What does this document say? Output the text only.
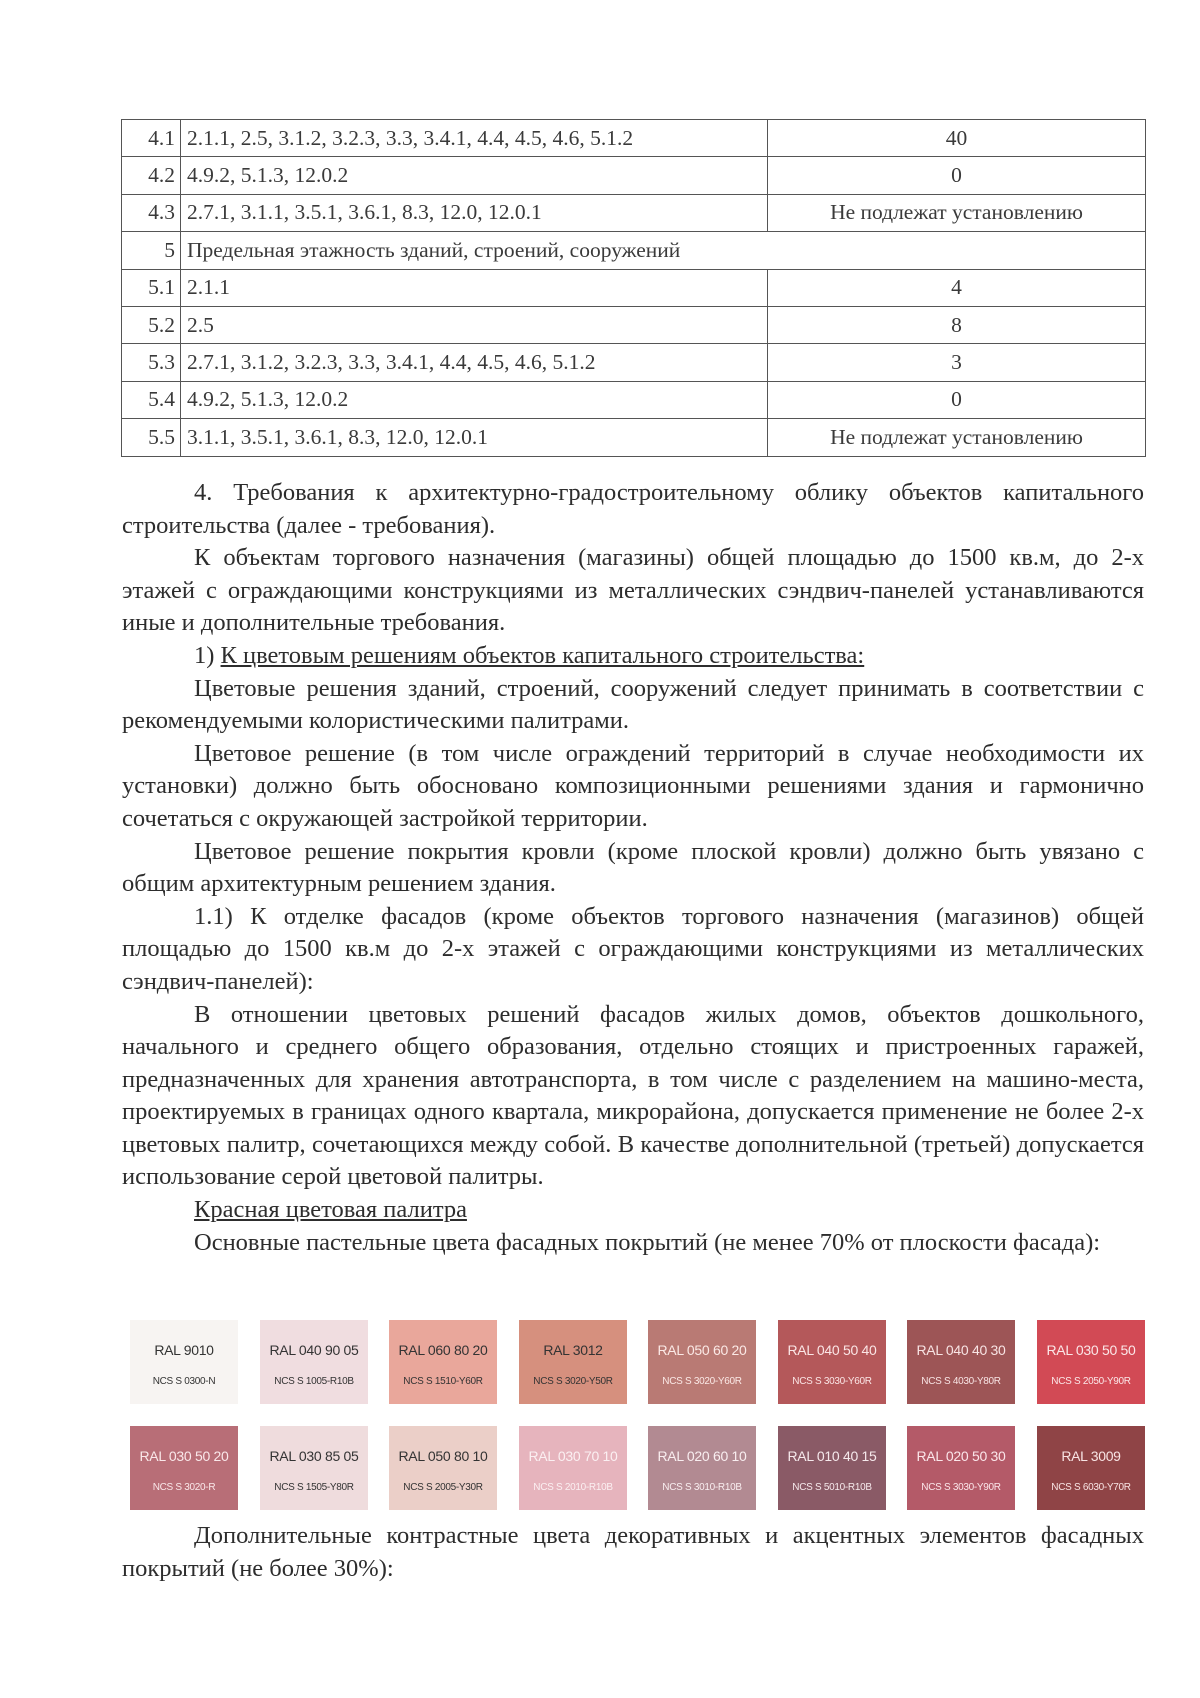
4.1	2.1.1, 2.5, 3.1.2, 3.2.3, 3.3, 3.4.1, 4.4, 4.5, 4.6, 5.1.2	40
4.2	4.9.2, 5.1.3, 12.0.2	0
4.3	2.7.1, 3.1.1, 3.5.1, 3.6.1, 8.3, 12.0, 12.0.1	Не подлежат установлению
5	Предельная этажность зданий, строений, сооружений	
5.1	2.1.1	4
5.2	2.5	8
5.3	2.7.1, 3.1.2, 3.2.3, 3.3, 3.4.1, 4.4, 4.5, 4.6, 5.1.2	3
5.4	4.9.2, 5.1.3, 12.0.2	0
5.5	3.1.1, 3.5.1, 3.6.1, 8.3, 12.0, 12.0.1	Не подлежат установлению

4. Требования к архитектурно-градостроительному облику объектов капитального строительства (далее - требования).

К объектам торгового назначения (магазины) общей площадью до 1500 кв.м, до 2-х этажей с ограждающими конструкциями из металлических сэндвич-панелей устанавливаются иные и дополнительные требования.

1) К цветовым решениям объектов капитального строительства:

Цветовые решения зданий, строений, сооружений следует принимать в соответствии с рекомендуемыми колористическими палитрами.

Цветовое решение (в том числе ограждений территорий в случае необходимости их установки) должно быть обосновано композиционными решениями здания и гармонично сочетаться с окружающей застройкой территории.

Цветовое решение покрытия кровли (кроме плоской кровли) должно быть увязано с общим архитектурным решением здания.

1.1) К отделке фасадов (кроме объектов торгового назначения (магазинов) общей площадью до 1500 кв.м до 2-х этажей с ограждающими конструкциями из металлических сэндвич-панелей):

В отношении цветовых решений фасадов жилых домов, объектов дошкольного, начального и среднего общего образования, отдельно стоящих и пристроенных гаражей, предназначенных для хранения автотранспорта, в том числе с разделением на машино-места, проектируемых в границах одного квартала, микрорайона, допускается применение не более 2-х цветовых палитр, сочетающихся между собой. В качестве дополнительной (третьей) допускается использование серой цветовой палитры.

Красная цветовая палитра

Основные пастельные цвета фасадных покрытий (не менее 70% от плоскости фасада):

RAL 9010
NCS S 0300-N
RAL 040 90 05
NCS S 1005-R10B
RAL 060 80 20
NCS S 1510-Y60R
RAL 3012
NCS S 3020-Y50R
RAL 050 60 20
NCS S 3020-Y60R
RAL 040 50 40
NCS S 3030-Y60R
RAL 040 40 30
NCS S 4030-Y80R
RAL 030 50 50
NCS S 2050-Y90R
RAL 030 50 20
NCS S 3020-R
RAL 030 85 05
NCS S 1505-Y80R
RAL 050 80 10
NCS S 2005-Y30R
RAL 030 70 10
NCS S 2010-R10B
RAL 020 60 10
NCS S 3010-R10B
RAL 010 40 15
NCS S 5010-R10B
RAL 020 50 30
NCS S 3030-Y90R
RAL 3009
NCS S 6030-Y70R

Дополнительные контрастные цвета декоративных и акцентных элементов фасадных покрытий (не более 30%):
